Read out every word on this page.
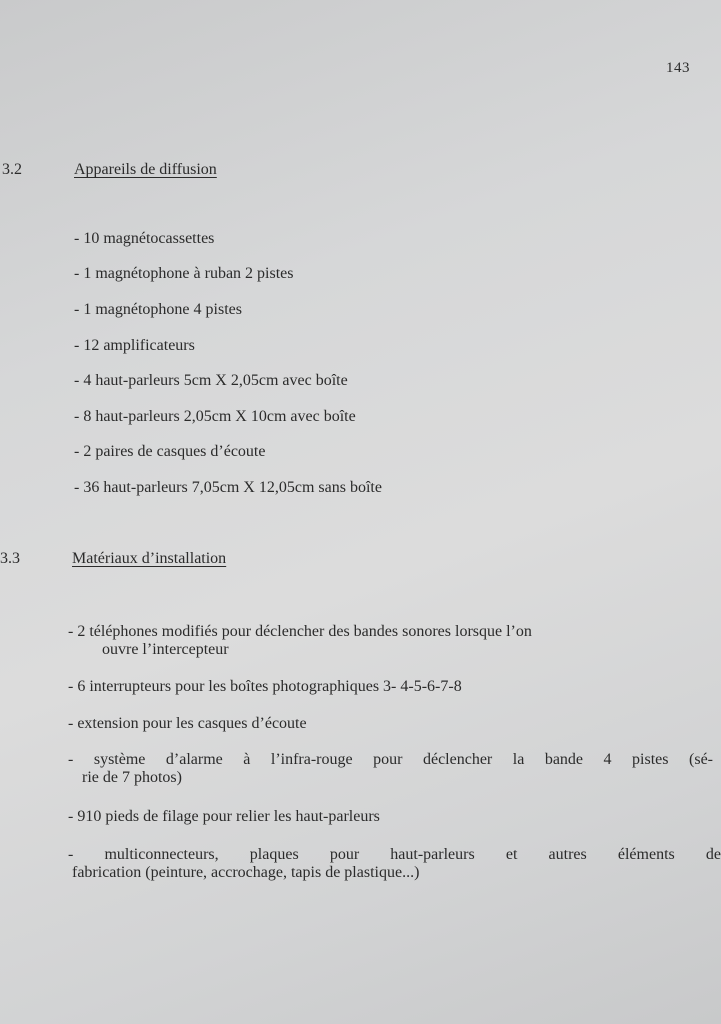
143
3.2	Appareils de diffusion
- 10 magnétocassettes
- 1 magnétophone à ruban 2 pistes
- 1 magnétophone 4 pistes
- 12 amplificateurs
- 4 haut-parleurs 5cm X 2,05cm avec boîte
- 8 haut-parleurs 2,05cm X 10cm avec boîte
- 2 paires de casques d’écoute
- 36 haut-parleurs 7,05cm X 12,05cm sans boîte
3.3	Matériaux d’installation
- 2 téléphones modifiés pour déclencher des bandes sonores lorsque l’on
ouvre l’intercepteur
- 6 interrupteurs pour les boîtes photographiques 3- 4-5-6-7-8
- extension pour les casques d’écoute
- système d’alarme à l’infra-rouge pour déclencher la bande 4 pistes (sé-
rie de 7 photos)
- 910 pieds de filage pour relier les haut-parleurs
- multiconnecteurs, plaques pour haut-parleurs et autres éléments de
fabrication (peinture, accrochage, tapis de plastique...)
